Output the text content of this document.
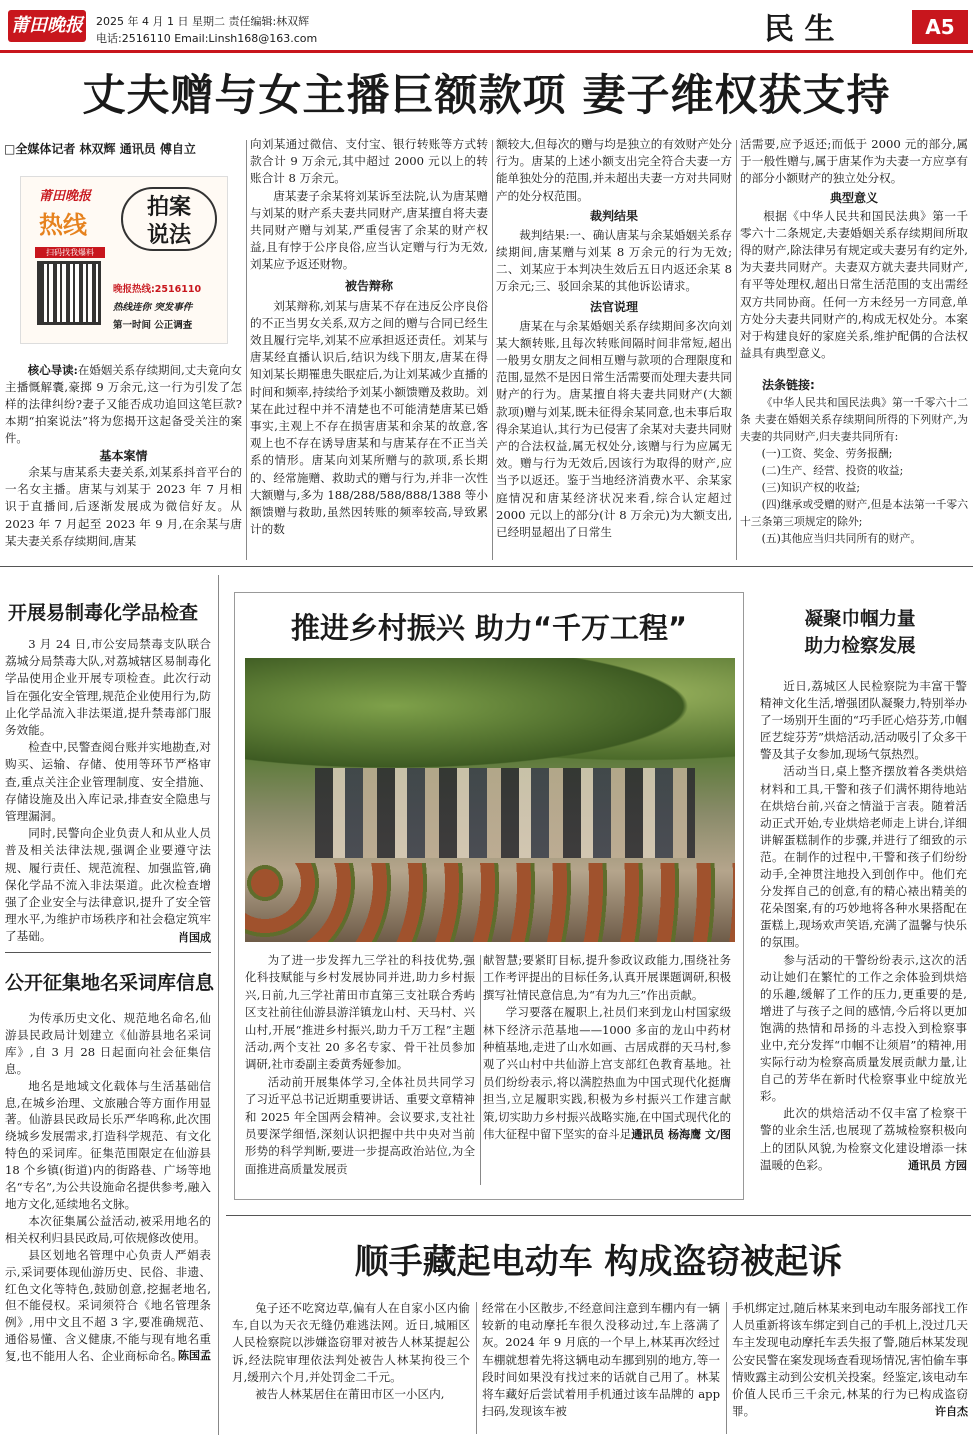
莆田晚报 2025 年 4 月 1 日 星期二 责任编辑:林双辉
电话:2516110 Email:Linsh168@163.com	民 生	A5
丈夫赠与女主播巨额款项 妻子维权获支持
□全媒体记者 林双辉 通讯员 傅自立
莆田晚报
热线
拍案
说法
扫码找我爆料
晚报热线:2516110
热线连你 突发事件
第一时间 公正调查

核心导读:在婚姻关系存续期间,丈夫竟向女主播慨解囊,豪掷 9 万余元,这一行为引发了怎样的法律纠纷?妻子又能否成功追回这笔巨款?本期“拍案说法”将为您揭开这起备受关注的案件。

基本案情

余某与唐某系夫妻关系,刘某系抖音平台的一名女主播。唐某与刘某于 2023 年 7 月相识于直播间,后逐渐发展成为微信好友。从 2023 年 7 月起至 2023 年 9 月,在余某与唐某夫妻关系存续期间,唐某

向刘某通过微信、支付宝、银行转账等方式转款合计 9 万余元,其中超过 2000 元以上的转账合计 8 万余元。

唐某妻子余某将刘某诉至法院,认为唐某赠与刘某的财产系夫妻共同财产,唐某擅自将夫妻共同财产赠与刘某,严重侵害了余某的财产权益,且有悖于公序良俗,应当认定赠与行为无效,刘某应予返还财物。

被告辩称

刘某辩称,刘某与唐某不存在违反公序良俗的不正当男女关系,双方之间的赠与合同已经生效且履行完毕,刘某不应承担返还责任。刘某与唐某经直播认识后,结识为线下朋友,唐某在得知刘某长期罹患失眠症后,为让刘某减少直播的时间和频率,持续给予刘某小额馈赠及救助。刘某在此过程中并不清楚也不可能清楚唐某已婚事实,主观上不存在损害唐某和余某的故意,客观上也不存在诱导唐某和与唐某存在不正当关系的情形。唐某向刘某所赠与的款项,系长期的、经常施赠、救助式的赠与行为,并非一次性大额赠与,多为 188/288/588/888/1388 等小额馈赠与救助,虽然因转账的频率较高,导致累计的数

额较大,但每次的赠与均是独立的有效财产处分行为。唐某的上述小额支出完全符合夫妻一方能单独处分的范围,并未超出夫妻一方对共同财产的处分权范围。

裁判结果

裁判结果:一、确认唐某与余某婚姻关系存续期间,唐某赠与刘某 8 万余元的行为无效;二、刘某应于本判决生效后五日内返还余某 8 万余元;三、驳回余某的其他诉讼请求。

法官说理

唐某在与余某婚姻关系存续期间多次向刘某大额转账,且每次转账间隔时间非常短,超出一般男女朋友之间相互赠与款项的合理限度和范围,显然不是因日常生活需要而处理夫妻共同财产的行为。唐某擅自将夫妻共同财产(大额款项)赠与刘某,既未征得余某同意,也未事后取得余某追认,其行为已侵害了余某对夫妻共同财产的合法权益,属无权处分,该赠与行为应属无效。赠与行为无效后,因该行为取得的财产,应当予以返还。鉴于当地经济消费水平、余某家庭情况和唐某经济状况来看,综合认定超过 2000 元以上的部分(计 8 万余元)为大额支出,已经明显超出了日常生

活需要,应予返还;而低于 2000 元的部分,属于一般性赠与,属于唐某作为夫妻一方应享有的部分小额财产的独立处分权。

典型意义

根据《中华人民共和国民法典》第一千零六十二条规定,夫妻婚姻关系存续期间所取得的财产,除法律另有规定或夫妻另有约定外,为夫妻共同财产。夫妻双方就夫妻共同财产,有平等处理权,超出日常生活范围的支出需经双方共同协商。任何一方未经另一方同意,单方处分夫妻共同财产的,构成无权处分。本案对于构建良好的家庭关系,维护配偶的合法权益具有典型意义。

法条链接:

《中华人民共和国民法典》第一千零六十二条 夫妻在婚姻关系存续期间所得的下列财产,为夫妻的共同财产,归夫妻共同所有:

(一)工资、奖金、劳务报酬;

(二)生产、经营、投资的收益;

(三)知识产权的收益;

(四)继承或受赠的财产,但是本法第一千零六十三条第三项规定的除外;

(五)其他应当归共同所有的财产。

开展易制毒化学品检查

3 月 24 日,市公安局禁毒支队联合荔城分局禁毒大队,对荔城辖区易制毒化学品使用企业开展专项检查。此次行动旨在强化安全管理,规范企业使用行为,防止化学品流入非法渠道,提升禁毒部门服务效能。

检查中,民警查阅台账并实地勘查,对购买、运输、存储、使用等环节严格审查,重点关注企业管理制度、安全措施、存储设施及出入库记录,排查安全隐患与管理漏洞。

同时,民警向企业负责人和从业人员普及相关法律法规,强调企业要遵守法规、履行责任、规范流程、加强监管,确保化学品不流入非法渠道。此次检查增强了企业安全与法律意识,提升了安全管理水平,为维护市场秩序和社会稳定筑牢了基础。	肖国成
公开征集地名采词库信息

为传承历史文化、规范地名命名,仙游县民政局计划建立《仙游县地名采词库》,自 3 月 28 日起面向社会征集信息。

地名是地域文化载体与生活基础信息,在城乡治理、文旅融合等方面作用显著。仙游县民政局长乐严华鸣称,此次围绕城乡发展需求,打造科学规范、有文化特色的采词库。征集范围限定在仙游县 18 个乡镇(街道)内的街路巷、广场等地名“专名”,为公共设施命名提供参考,融入地方文化,延续地名文脉。

本次征集属公益活动,被采用地名的相关权利归县民政局,可依规修改使用。

县区划地名管理中心负责人严娟表示,采词要体现仙游历史、民俗、非遗、红色文化等特色,鼓励创意,挖掘老地名,但不能侵权。采词须符合《地名管理条例》,用中文且不超 3 字,要准确规范、通俗易懂、含义健康,不能与现有地名重复,也不能用人名、企业商标命名。

陈国孟
推进乡村振兴 助力“千万工程”

为了进一步发挥九三学社的科技优势,强化科技赋能与乡村发展协同并进,助力乡村振兴,日前,九三学社莆田市直第三支社联合秀屿区支社前往仙游县游洋镇龙山村、天马村、兴山村,开展“推进乡村振兴,助力千万工程”主题活动,两个支社 20 多名专家、骨干社员参加调研,社市委副主委黄秀娅参加。

活动前开展集体学习,全体社员共同学习了习近平总书记近期重要讲话、重要文章精神和 2025 年全国两会精神。会议要求,支社社员要深学细悟,深刻认识把握中共中央对当前形势的科学判断,要进一步提高政治站位,为全面推进高质量发展贡

献智慧;要紧盯目标,提升参政议政能力,围绕社务工作考评提出的目标任务,认真开展课题调研,积极撰写社情民意信息,为“有为九三”作出贡献。

学习要落在履职上,社员们来到龙山村国家级林下经济示范基地——1000 多亩的龙山中药材种植基地,走进了山水如画、古居成群的天马村,参观了兴山村中共仙游上宫支部红色教育基地。社员们纷纷表示,将以满腔热血为中国式现代化挺膺担当,立足履职实践,积极为乡村振兴工作建言献策,切实助力乡村振兴战略实施,在中国式现代化的伟大征程中留下坚实的奋斗足迹。

通讯员 杨海鹰 文/图
凝聚巾帼力量
助力检察发展

近日,荔城区人民检察院为丰富干警精神文化生活,增强团队凝聚力,特别举办了一场别开生面的“巧手匠心焙芬芳,巾帼匠艺绽芬芳”烘焙活动,活动吸引了众多干警及其子女参加,现场气氛热烈。

活动当日,桌上整齐摆放着各类烘焙材料和工具,干警和孩子们满怀期待地站在烘焙台前,兴奋之情溢于言表。随着活动正式开始,专业烘焙老师走上讲台,详细讲解蛋糕制作的步骤,并进行了细致的示范。在制作的过程中,干警和孩子们纷纷动手,全神贯注地投入到创作中。他们充分发挥自己的创意,有的精心裱出精美的花朵图案,有的巧妙地将各种水果搭配在蛋糕上,现场欢声笑语,充满了温馨与快乐的氛围。

参与活动的干警纷纷表示,这次的活动让她们在繁忙的工作之余体验到烘焙的乐趣,缓解了工作的压力,更重要的是,增进了与孩子之间的感情,今后将以更加饱满的热情和昂扬的斗志投入到检察事业中,充分发挥“巾帼不让须眉”的精神,用实际行动为检察高质量发展贡献力量,让自己的芳华在新时代检察事业中绽放光彩。

此次的烘焙活动不仅丰富了检察干警的业余生活,也展现了荔城检察积极向上的团队风貌,为检察文化建设增添一抹温暖的色彩。	通讯员 方园
顺手藏起电动车 构成盗窃被起诉

兔子还不吃窝边草,偏有人在自家小区内偷车,自以为天衣无缝仍难逃法网。近日,城厢区人民检察院以涉嫌盗窃罪对被告人林某提起公诉,经法院审理依法判处被告人林某拘役三个月,缓刑六个月,并处罚金二千元。

被告人林某居住在莆田市区一小区内,

经常在小区散步,不经意间注意到车棚内有一辆较新的电动摩托车很久没移动过,车上落满了灰。2024 年 9 月底的一个早上,林某再次经过车棚就想着先将这辆电动车挪到别的地方,等一段时间如果没有找过来的话就自己用了。林某将车藏好后尝试着用手机通过该车品牌的 app 扫码,发现该车被

手机绑定过,随后林某来到电动车服务部找工作人员重新将该车绑定到自己的手机上,没过几天车主发现电动摩托车丢失报了警,随后林某发现公安民警在案发现场查看现场情况,害怕偷车事情败露主动到公安机关投案。经鉴定,该电动车价值人民币三千余元,林某的行为已构成盗窃罪。	许自杰
